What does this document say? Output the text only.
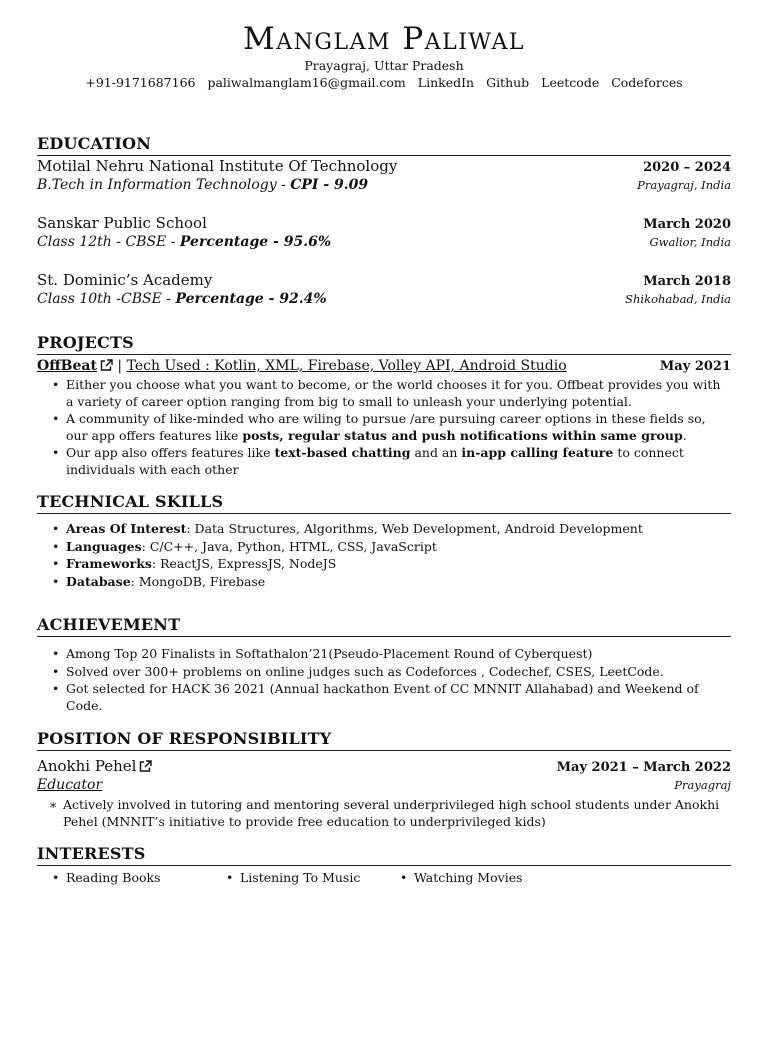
Manglam Paliwal
Prayagraj, Uttar Pradesh
+91-9171687166 paliwalmanglam16@gmail.com LinkedIn Github Leetcode Codeforces
EDUCATION
Motilal Nehru National Institute Of Technology	2020 – 2024
B.Tech in Information Technology - CPI - 9.09	Prayagraj, India
Sanskar Public School	March 2020
Class 12th - CBSE - Percentage - 95.6%	Gwalior, India
St. Dominic’s Academy	March 2018
Class 10th -CBSE - Percentage - 92.4%	Shikohabad, India
PROJECTS
OffBeat | Tech Used : Kotlin, XML, Firebase, Volley API, Android Studio	May 2021
• Either you choose what you want to become, or the world chooses it for you. Offbeat provides you with a variety of career option ranging from big to small to unleash your underlying potential.
• A community of like-minded who are wiling to pursue /are pursuing career options in these fields so, our app offers features like posts, regular status and push notifications within same group.
• Our app also offers features like text-based chatting and an in-app calling feature to connect individuals with each other
TECHNICAL SKILLS
• Areas Of Interest: Data Structures, Algorithms, Web Development, Android Development
• Languages: C/C++, Java, Python, HTML, CSS, JavaScript
• Frameworks: ReactJS, ExpressJS, NodeJS
• Database: MongoDB, Firebase
ACHIEVEMENT
• Among Top 20 Finalists in Softathalon’21(Pseudo-Placement Round of Cyberquest)
• Solved over 300+ problems on online judges such as Codeforces , Codechef, CSES, LeetCode.
• Got selected for HACK 36 2021 (Annual hackathon Event of CC MNNIT Allahabad) and Weekend of Code.
POSITION OF RESPONSIBILITY
Anokhi Pehel	May 2021 – March 2022
Educator	Prayagraj
∗ Actively involved in tutoring and mentoring several underprivileged high school students under Anokhi Pehel (MNNIT’s initiative to provide free education to underprivileged kids)
INTERESTS
• Reading Books	• Listening To Music	• Watching Movies
